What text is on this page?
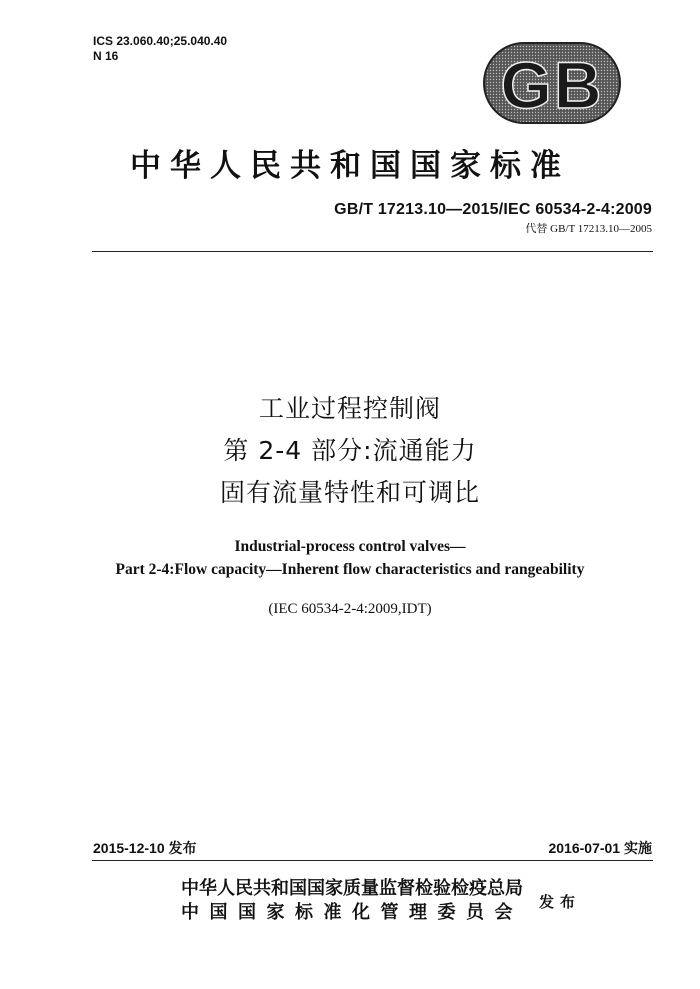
ICS 23.060.40;25.040.40
N 16	GB
中华人民共和国国家标准
GB/T 17213.10—2015/IEC 60534-2-4:2009
代替 GB/T 17213.10—2005
工业过程控制阀
第 2-4 部分:流通能力
固有流量特性和可调比
Industrial-process control valves—
Part 2-4:Flow capacity—Inherent flow characteristics and rangeability
(IEC 60534-2-4:2009,IDT)
2015-12-10 发布	2016-07-01 实施
中华人民共和国国家质量监督检验检疫总局
中国国家标准化管理委员会 发布
